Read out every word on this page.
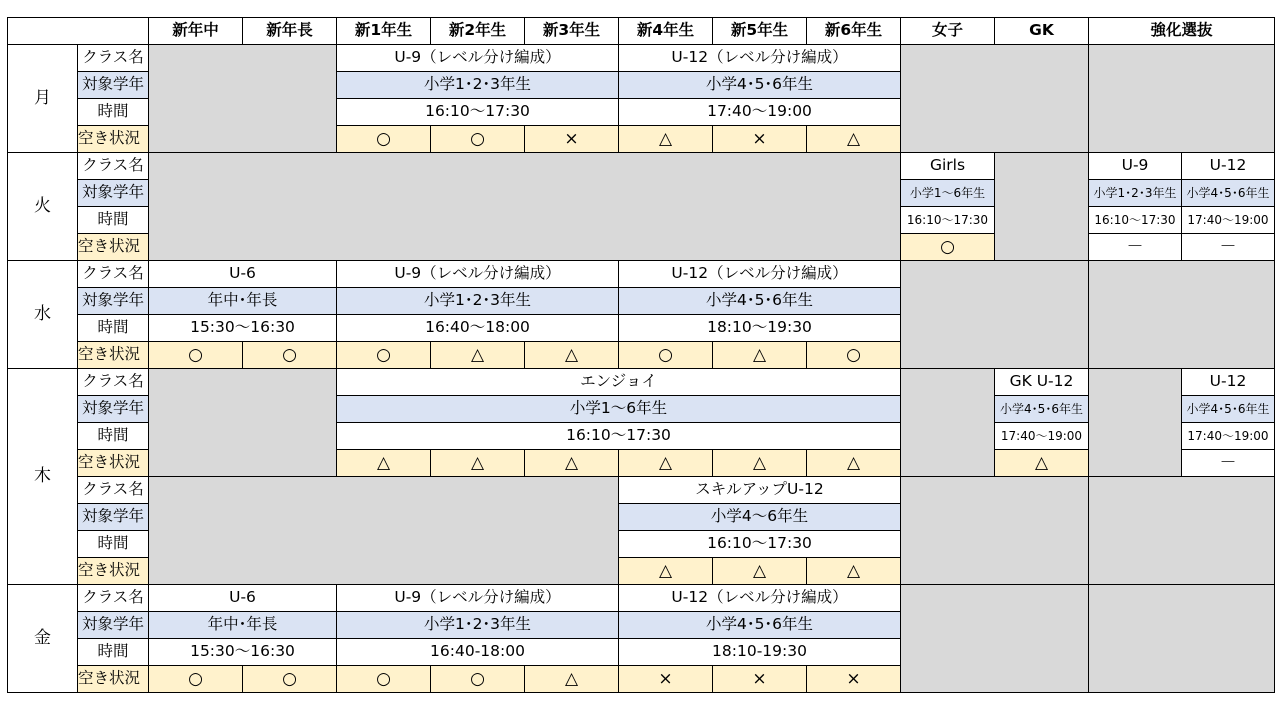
		新年中	新年長	新1年生	新2年生	新3年生	新4年生	新5年生	新6年生	女子	GK	強化選抜	
月	クラス名			U-9（レベル分け編成）			U-12（レベル分け編成）						
	対象学年			小学1･2･3年生			小学4･5･6年生						
	時間			16:10～17:30			17:40～19:00						
	空き状況			○	○	×	△	×	△				
火	クラス名									Girls		U-9	U-12
	対象学年									小学1～6年生		小学1･2･3年生	小学4･5･6年生
	時間									16:10～17:30		16:10～17:30	17:40～19:00
	空き状況									○		－	－
水	クラス名	U-6		U-9（レベル分け編成）			U-12（レベル分け編成）						
	対象学年	年中･年長		小学1･2･3年生			小学4･5･6年生						
	時間	15:30～16:30		16:40～18:00			18:10～19:30						
	空き状況	○	○	○	△	△	○	△	○				
木	クラス名			エンジョイ							GK U-12		U-12
	対象学年			小学1～6年生							小学4･5･6年生		小学4･5･6年生
	時間			16:10～17:30							17:40～19:00		17:40～19:00
	空き状況			△	△	△	△	△	△		△		－
	クラス名						スキルアップU-12						
	対象学年						小学4～6年生						
	時間						16:10～17:30						
	空き状況						△	△	△				
金	クラス名	U-6		U-9（レベル分け編成）			U-12（レベル分け編成）						
	対象学年	年中･年長		小学1･2･3年生			小学4･5･6年生						
	時間	15:30～16:30		16:40-18:00			18:10-19:30						
	空き状況	○	○	○	○	△	×	×	×				
